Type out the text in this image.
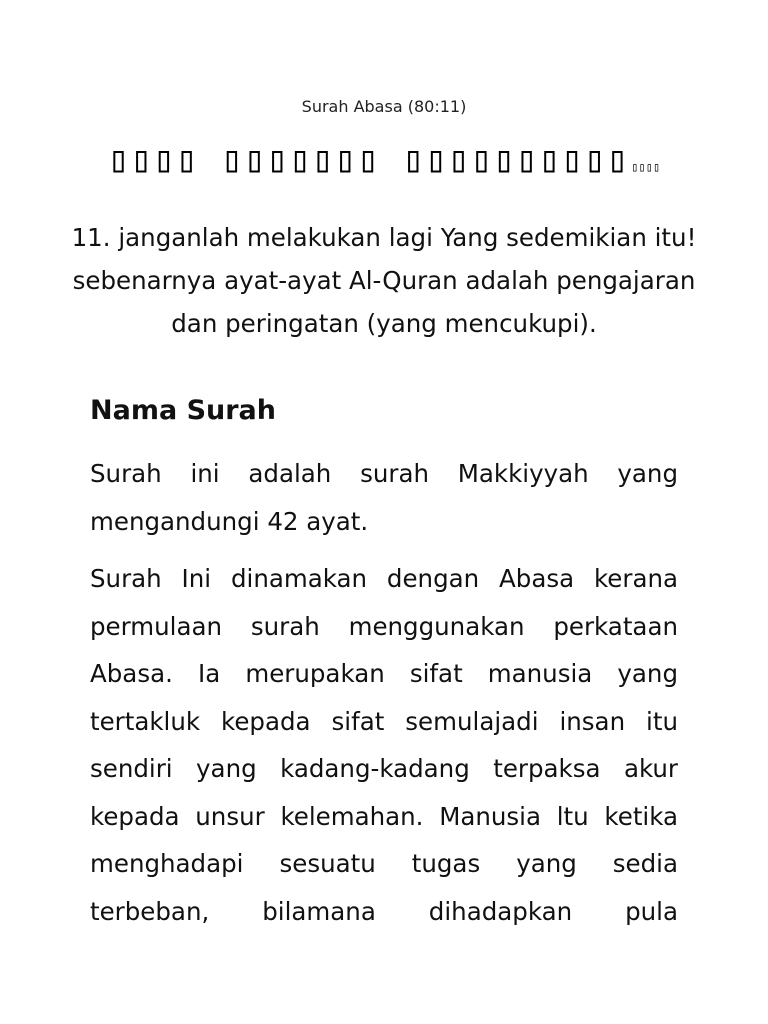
Surah Abasa (80:11)
▯▯▯▯ ▯▯▯▯▯▯▯ ▯▯▯▯▯▯▯▯▯▯ ▯▯▯▯
11. janganlah melakukan lagi Yang sedemikian itu! sebenarnya ayat-ayat Al-Quran adalah pengajaran dan peringatan (yang mencukupi).
Nama Surah
Surah ini adalah surah Makkiyyah yang mengandungi 42 ayat.
Surah Ini dinamakan dengan Abasa kerana permulaan surah menggunakan perkataan Abasa. Ia merupakan sifat manusia yang tertakluk kepada sifat semulajadi insan itu sendiri yang kadang-kadang terpaksa akur kepada unsur kelemahan. Manusia ltu ketika menghadapi sesuatu tugas yang sedia terbeban, bilamana dihadapkan pula
